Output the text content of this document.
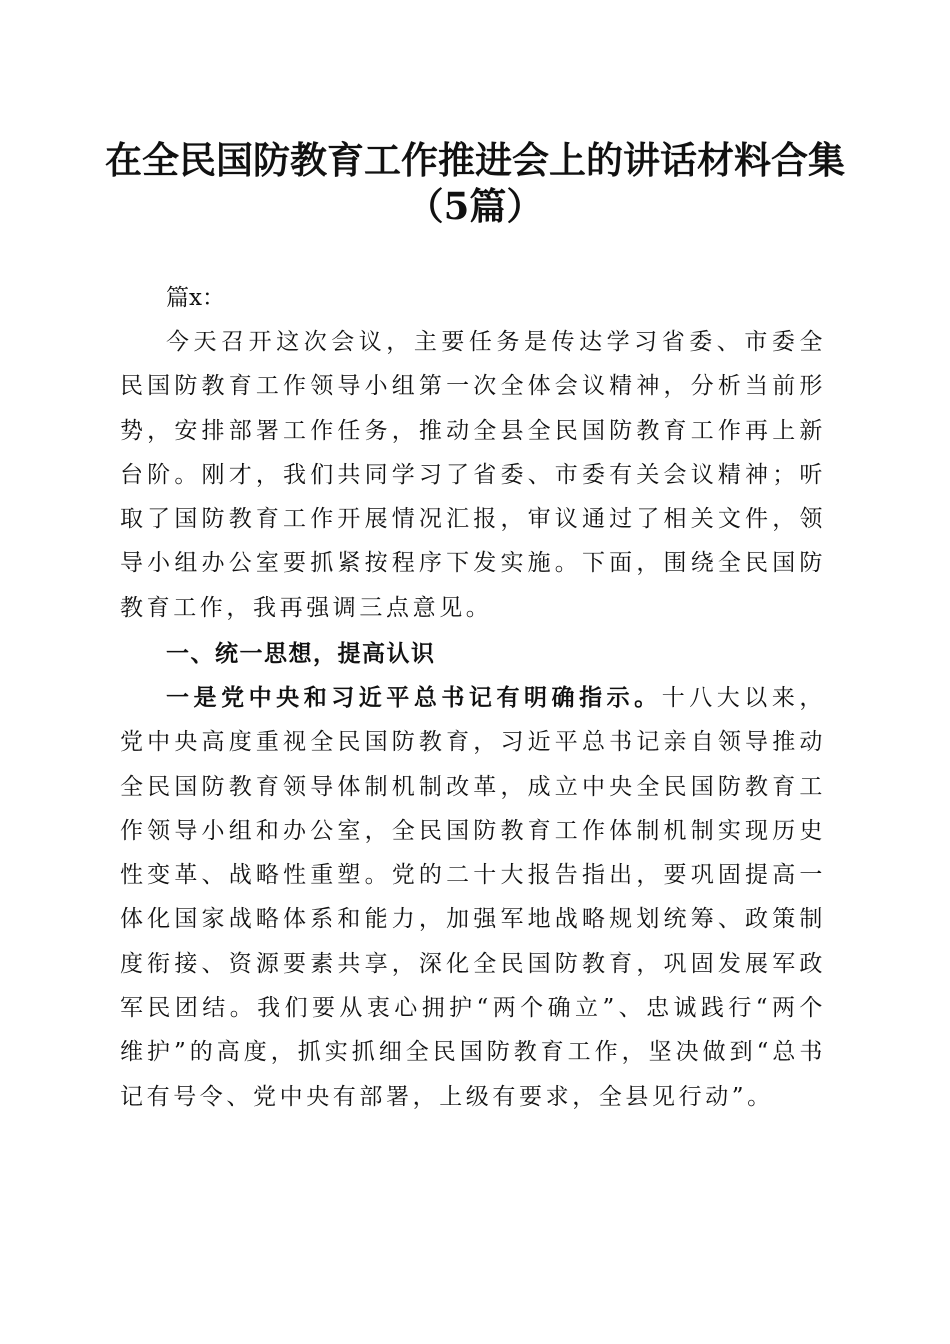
在全民国防教育工作推进会上的讲话材料合集
（5篇）

篇x：

今天召开这次会议，主要任务是传达学习省委、市委全民国防教育工作领导小组第一次全体会议精神，分析当前形势，安排部署工作任务，推动全县全民国防教育工作再上新台阶。刚才，我们共同学习了省委、市委有关会议精神；听取了国防教育工作开展情况汇报，审议通过了相关文件，领导小组办公室要抓紧按程序下发实施。下面，围绕全民国防教育工作，我再强调三点意见。

一、统一思想，提高认识

一是党中央和习近平总书记有明确指示。十八大以来，党中央高度重视全民国防教育，习近平总书记亲自领导推动全民国防教育领导体制机制改革，成立中央全民国防教育工作领导小组和办公室，全民国防教育工作体制机制实现历史性变革、战略性重塑。党的二十大报告指出，要巩固提高一体化国家战略体系和能力，加强军地战略规划统筹、政策制度衔接、资源要素共享，深化全民国防教育，巩固发展军政军民团结。我们要从衷心拥护“两个确立”、忠诚践行“两个维护”的高度，抓实抓细全民国防教育工作，坚决做到“总书记有号令、党中央有部署，上级有要求，全县见行动”。
